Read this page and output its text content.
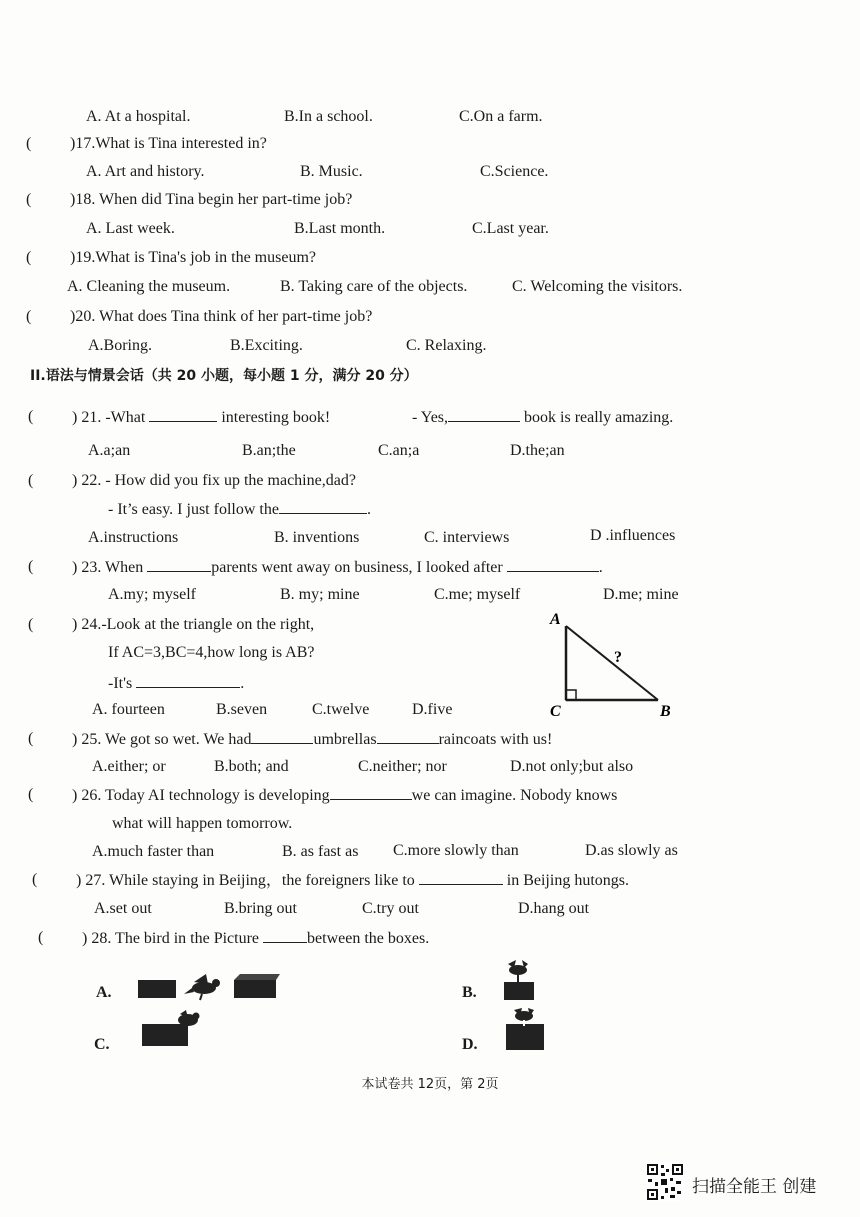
A. At a hospital.	B.In a school.	C.On a farm.
( )17.What is Tina interested in?
A. Art and history.	B. Music.	C.Science.
( )18. When did Tina begin her part-time job?
A. Last week.	B.Last month.	C.Last year.
( )19.What is Tina's job in the museum?
A. Cleaning the museum.	B. Taking care of the objects.	C. Welcoming the visitors.
( )20. What does Tina think of her part-time job?
A.Boring.	B.Exciting.	C. Relaxing.
II.语法与情景会话（共 20 小题，每小题 1 分，满分 20 分）
( ) 21. -What	interesting book!	- Yes,	book is really amazing.
A.a;an	B.an;the	C.an;a	D.the;an
( ) 22. - How did you fix up the machine,dad?
- It’s easy. I just follow the	.
A.instructions	B. inventions	C. interviews	D .influences
( ) 23. When	parents went away on business, I looked after	.
A.my; myself	B. my; mine	C.me; myself	D.me; mine
( ) 24.-Look at the triangle on the right,
If AC=3,BC=4,how long is AB?
-It's	.
A. fourteen	B.seven	C.twelve	D.five
A
B
C
?
( ) 25. We got so wet. We had	umbrellas	raincoats with us!
A.either; or	B.both; and	C.neither; nor	D.not only;but also
( ) 26. Today AI technology is developing	we can imagine. Nobody knows
what will happen tomorrow.
A.much faster than	B. as fast as C.more slowly than	D.as slowly as
( ) 27. While staying in Beijing，the foreigners like to	in Beijing hutongs.
A.set out	B.bring out	C.try out	D.hang out
( ) 28. The bird in the Picture	between the boxes.
A.	B.
C.	D.
本试卷共 12页，第 2页
扫描全能王 创建
